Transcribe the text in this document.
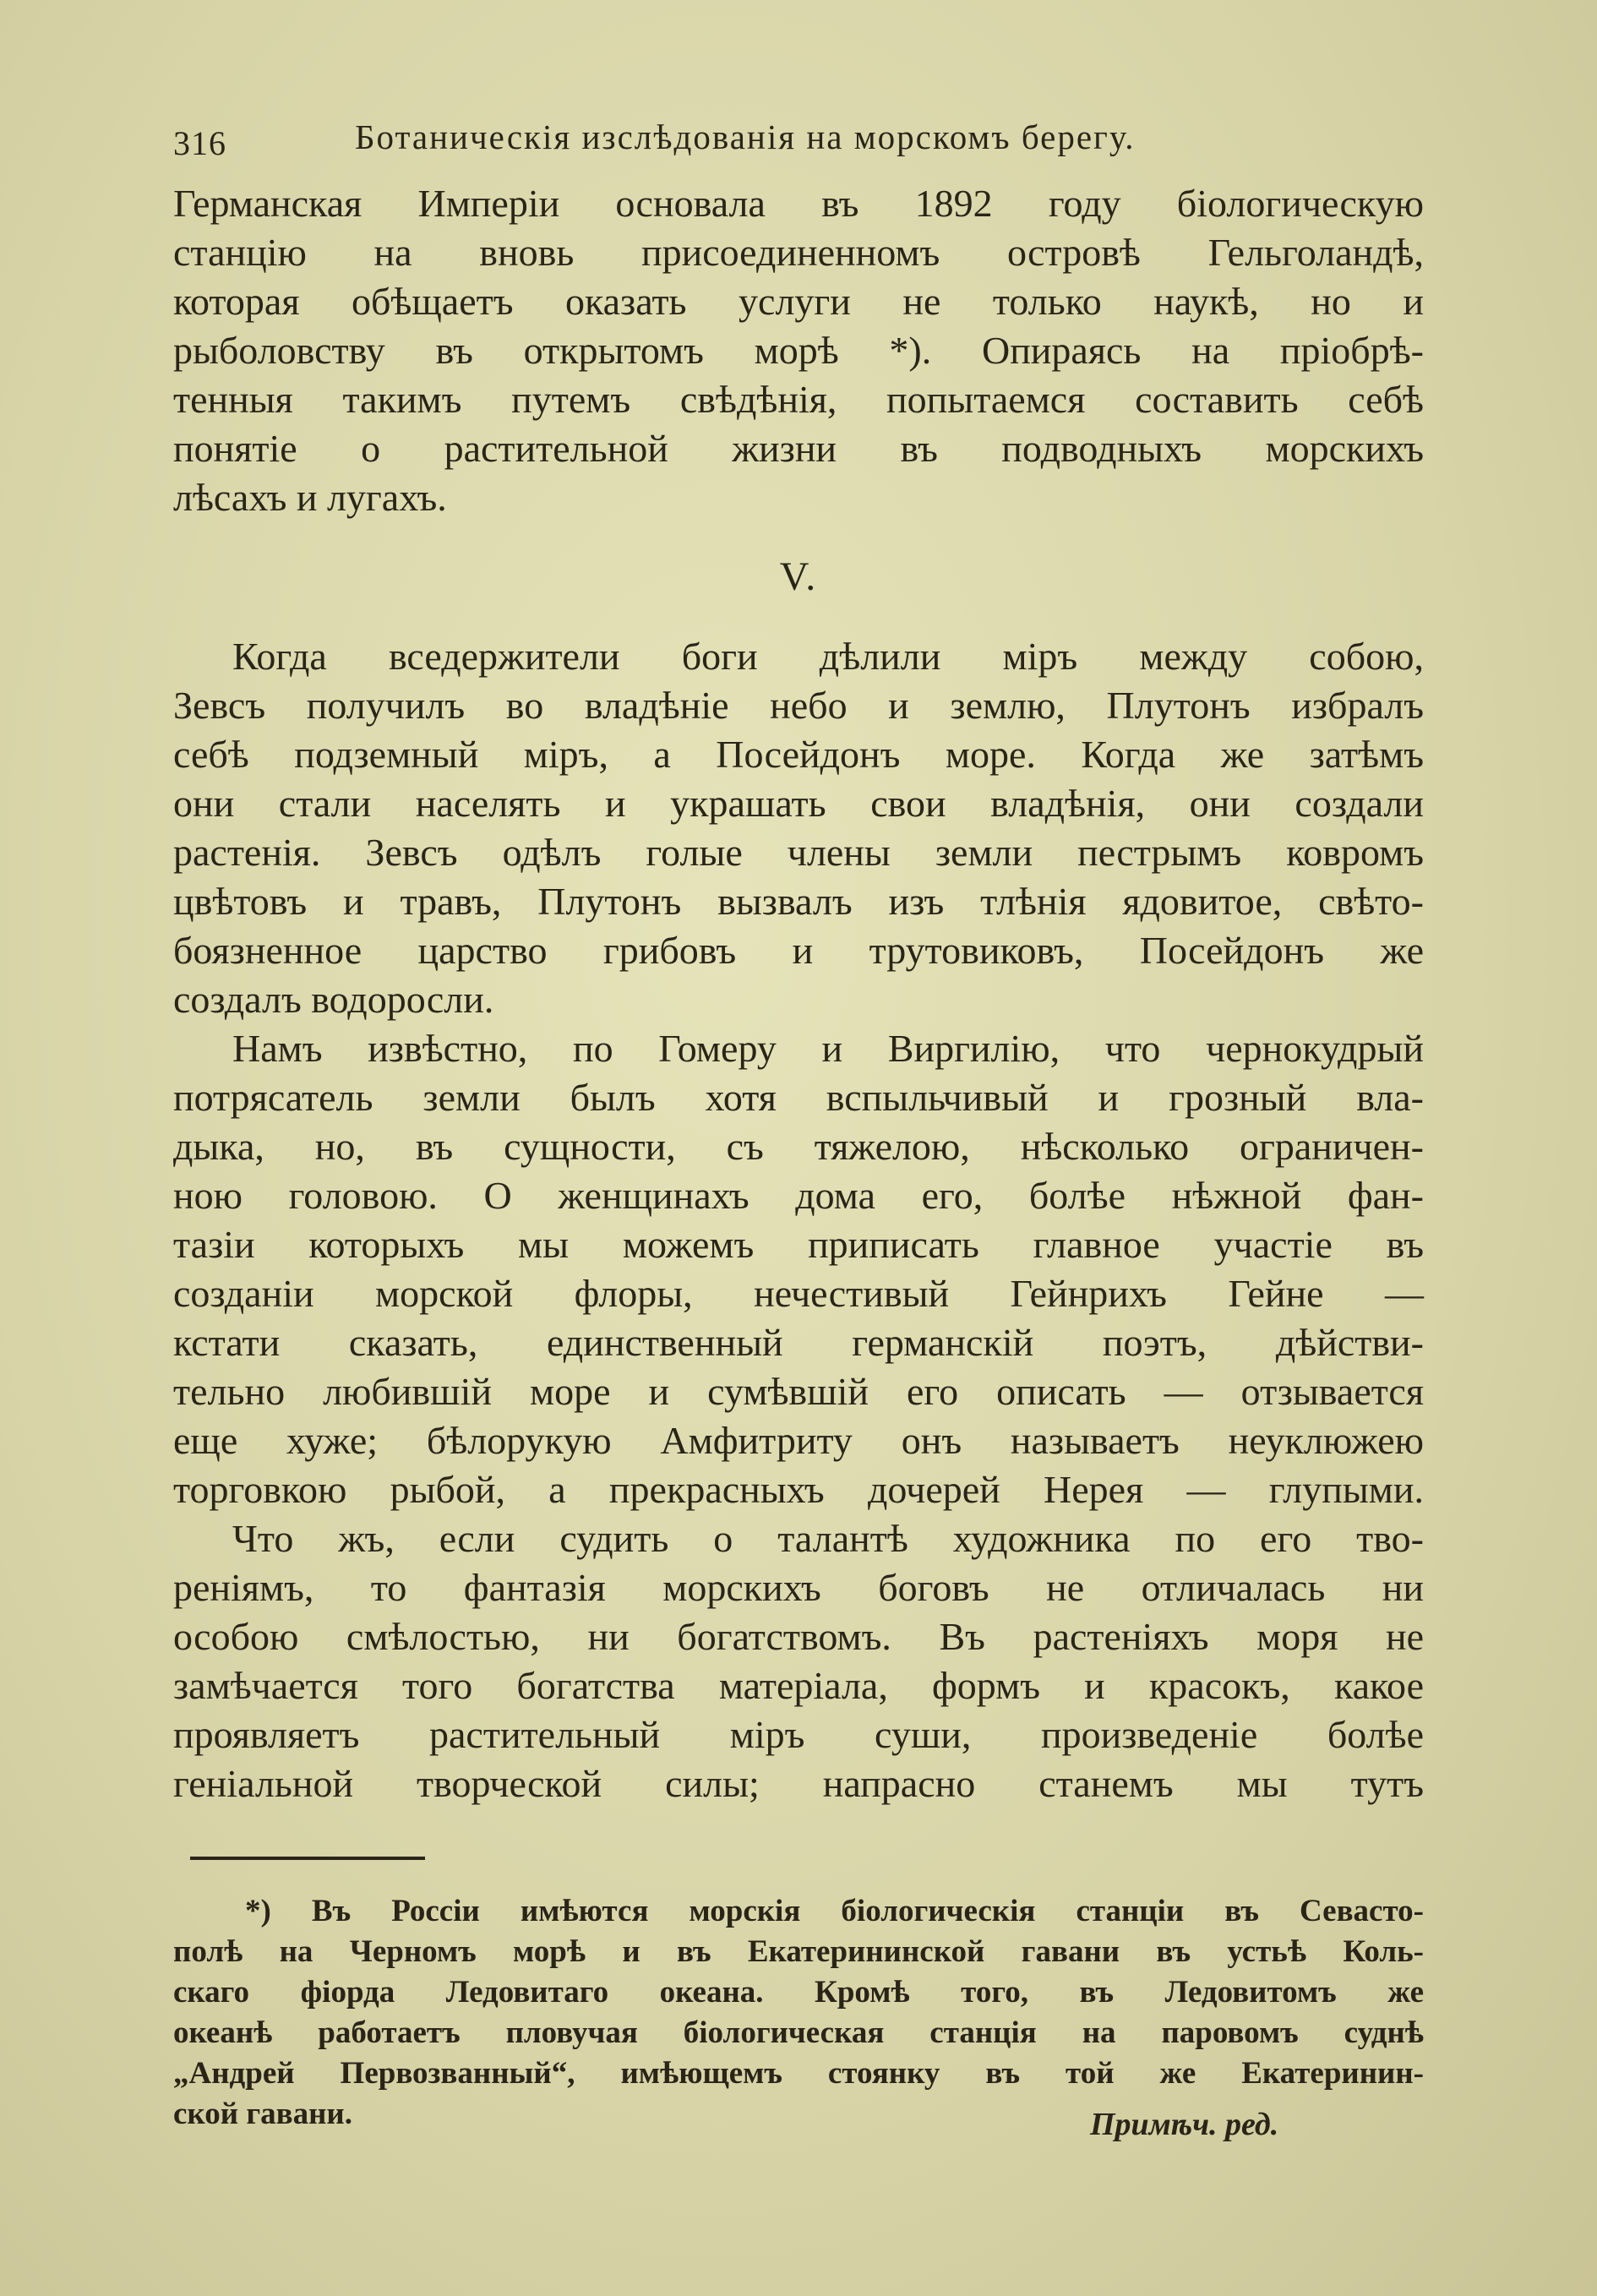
316	Ботаническія изслѣдованія на морскомъ берегу.
Германская Имперіи основала въ 1892 году біологическую
станцію на вновь присоединенномъ островѣ Гельголандѣ,
которая обѣщаетъ оказать услуги не только наукѣ, но и
рыболовству въ открытомъ морѣ *). Опираясь на пріобрѣ-
тенныя такимъ путемъ свѣдѣнія, попытаемся составить себѣ
понятіе о растительной жизни въ подводныхъ морскихъ
лѣсахъ и лугахъ.
V.
Когда вседержители боги дѣлили міръ между собою,
Зевсъ получилъ во владѣніе небо и землю, Плутонъ избралъ
себѣ подземный міръ, а Посейдонъ море. Когда же затѣмъ
они стали населять и украшать свои владѣнія, они создали
растенія. Зевсъ одѣлъ голые члены земли пестрымъ ковромъ
цвѣтовъ и травъ, Плутонъ вызвалъ изъ тлѣнія ядовитое, свѣто-
боязненное царство грибовъ и трутовиковъ, Посейдонъ же
создалъ водоросли.
Намъ извѣстно, по Гомеру и Виргилію, что чернокудрый
потрясатель земли былъ хотя вспыльчивый и грозный вла-
дыка, но, въ сущности, съ тяжелою, нѣсколько ограничен-
ною головою. О женщинахъ дома его, болѣе нѣжной фан-
тазіи которыхъ мы можемъ приписать главное участіе въ
созданіи морской флоры, нечестивый Гейнрихъ Гейне —
кстати сказать, единственный германскій поэтъ, дѣйстви-
тельно любившій море и сумѣвшій его описать — отзывается
еще хуже; бѣлорукую Амфитриту онъ называетъ неуклюжею
торговкою рыбой, а прекрасныхъ дочерей Нерея — глупыми.
Что жъ, если судить о талантѣ художника по его тво-
реніямъ, то фантазія морскихъ боговъ не отличалась ни
особою смѣлостью, ни богатствомъ. Въ растеніяхъ моря не
замѣчается того богатства матеріала, формъ и красокъ, какое
проявляетъ растительный міръ суши, произведеніе болѣе
геніальной творческой силы; напрасно станемъ мы тутъ
*) Въ Россіи имѣются морскія біологическія станціи въ Севасто-
полѣ на Черномъ морѣ и въ Екатерининской гавани въ устьѣ Коль-
скаго фіорда Ледовитаго океана. Кромѣ того, въ Ледовитомъ же
океанѣ работаетъ пловучая біологическая станція на паровомъ суднѣ
„Андрей Первозванный“, имѣющемъ стоянку въ той же Екатеринин-
ской гавани.	Примѣч. ред.
